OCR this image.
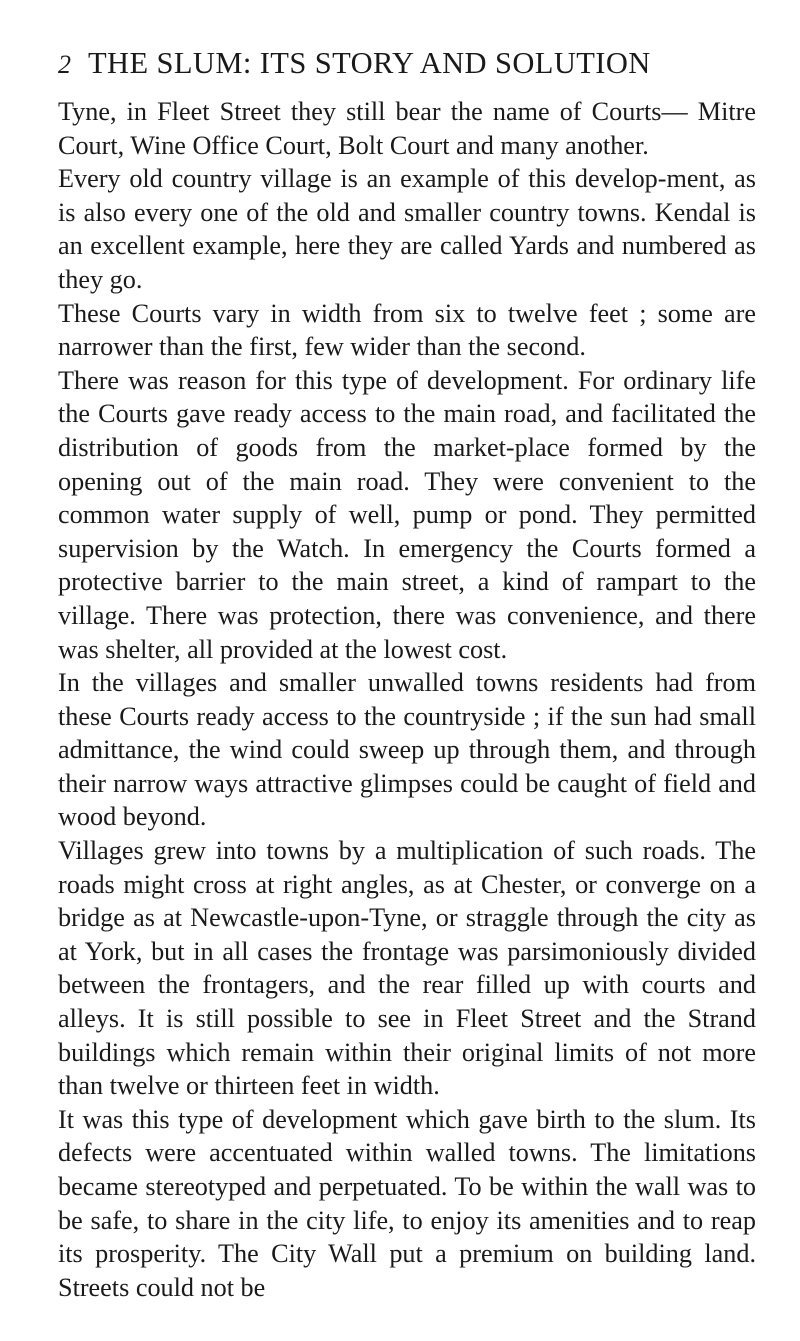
2 THE SLUM: ITS STORY AND SOLUTION

Tyne, in Fleet Street they still bear the name of Courts— Mitre Court, Wine Office Court, Bolt Court and many another.

Every old country village is an example of this develop-ment, as is also every one of the old and smaller country towns. Kendal is an excellent example, here they are called Yards and numbered as they go.

These Courts vary in width from six to twelve feet ; some are narrower than the first, few wider than the second.

There was reason for this type of development. For ordinary life the Courts gave ready access to the main road, and facilitated the distribution of goods from the market-place formed by the opening out of the main road. They were convenient to the common water supply of well, pump or pond. They permitted supervision by the Watch. In emergency the Courts formed a protective barrier to the main street, a kind of rampart to the village. There was protection, there was convenience, and there was shelter, all provided at the lowest cost.

In the villages and smaller unwalled towns residents had from these Courts ready access to the countryside ; if the sun had small admittance, the wind could sweep up through them, and through their narrow ways attractive glimpses could be caught of field and wood beyond.

Villages grew into towns by a multiplication of such roads. The roads might cross at right angles, as at Chester, or converge on a bridge as at Newcastle-upon-Tyne, or straggle through the city as at York, but in all cases the frontage was parsimoniously divided between the frontagers, and the rear filled up with courts and alleys. It is still possible to see in Fleet Street and the Strand buildings which remain within their original limits of not more than twelve or thirteen feet in width.

It was this type of development which gave birth to the slum. Its defects were accentuated within walled towns. The limitations became stereotyped and perpetuated. To be within the wall was to be safe, to share in the city life, to enjoy its amenities and to reap its prosperity. The City Wall put a premium on building land. Streets could not be
